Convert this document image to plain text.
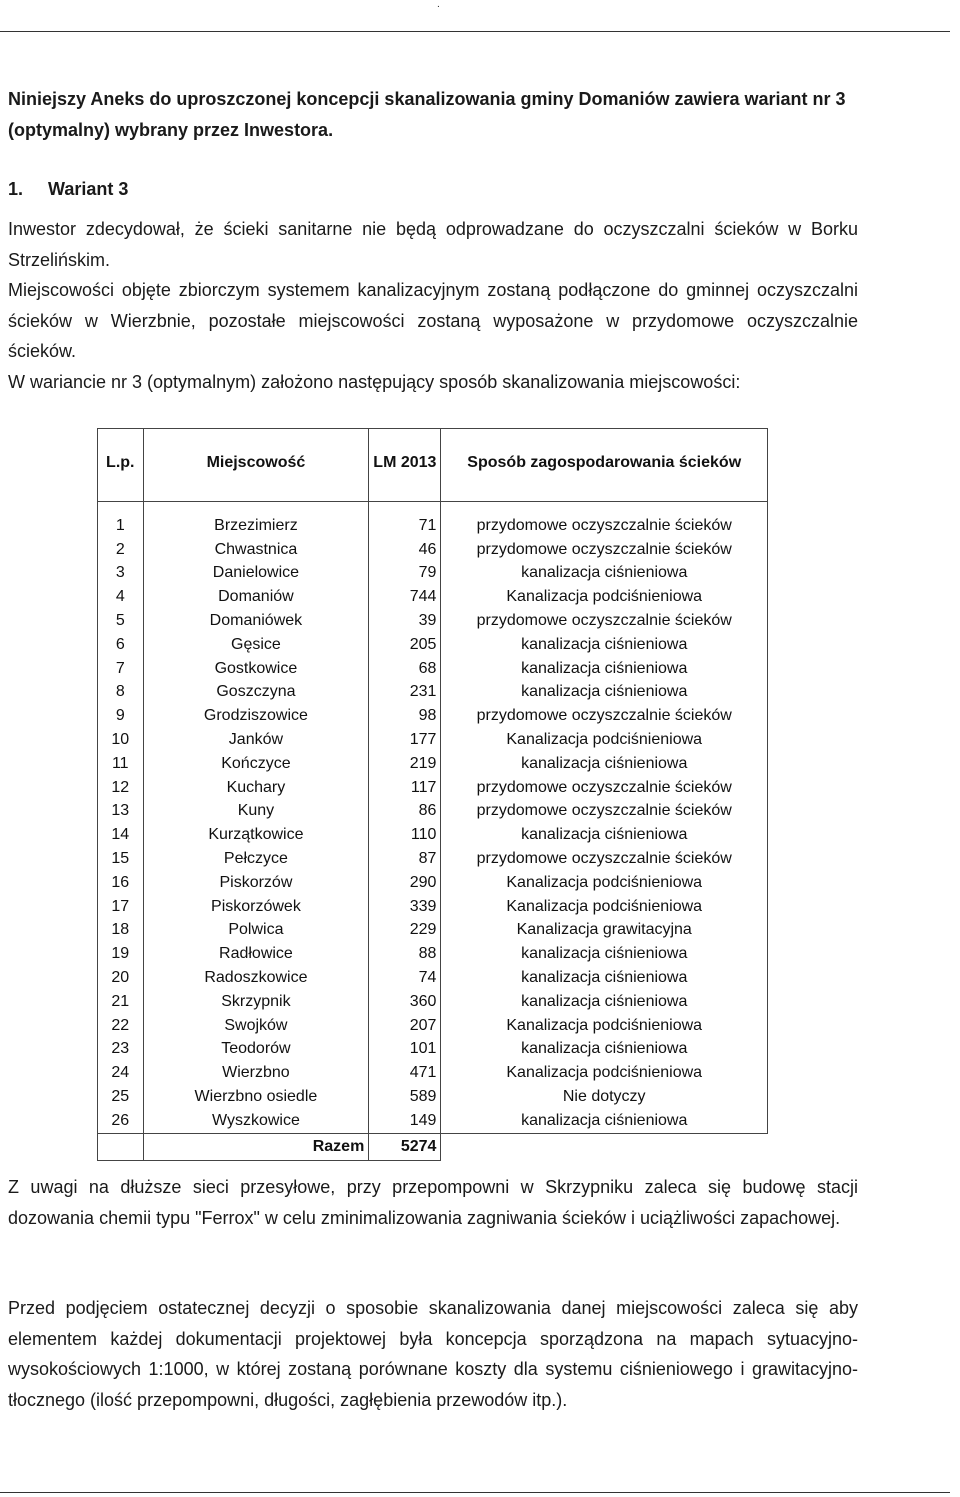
.

Niniejszy Aneks do uproszczonej koncepcji skanalizowania gminy Domaniów zawiera wariant nr 3 (optymalny) wybrany przez Inwestora.

1. Wariant 3

Inwestor zdecydował, że ścieki sanitarne nie będą odprowadzane do oczyszczalni ścieków w Borku Strzelińskim.

Miejscowości objęte zbiorczym systemem kanalizacyjnym zostaną podłączone do gminnej oczyszczalni ścieków w Wierzbnie, pozostałe miejscowości zostaną wyposażone w przydomowe oczyszczalnie ścieków.

W wariancie nr 3 (optymalnym) założono następujący sposób skanalizowania miejscowości:

L.p.	Miejscowość	LM 2013	Sposób zagospodarowania ścieków
1	Brzezimierz	71	przydomowe oczyszczalnie ścieków
2	Chwastnica	46	przydomowe oczyszczalnie ścieków
3	Danielowice	79	kanalizacja ciśnieniowa
4	Domaniów	744	Kanalizacja podciśnieniowa
5	Domaniówek	39	przydomowe oczyszczalnie ścieków
6	Gęsice	205	kanalizacja ciśnieniowa
7	Gostkowice	68	kanalizacja ciśnieniowa
8	Goszczyna	231	kanalizacja ciśnieniowa
9	Grodziszowice	98	przydomowe oczyszczalnie ścieków
10	Janków	177	Kanalizacja podciśnieniowa
11	Kończyce	219	kanalizacja ciśnieniowa
12	Kuchary	117	przydomowe oczyszczalnie ścieków
13	Kuny	86	przydomowe oczyszczalnie ścieków
14	Kurzątkowice	110	kanalizacja ciśnieniowa
15	Pełczyce	87	przydomowe oczyszczalnie ścieków
16	Piskorzów	290	Kanalizacja podciśnieniowa
17	Piskorzówek	339	Kanalizacja podciśnieniowa
18	Polwica	229	Kanalizacja grawitacyjna
19	Radłowice	88	kanalizacja ciśnieniowa
20	Radoszkowice	74	kanalizacja ciśnieniowa
21	Skrzypnik	360	kanalizacja ciśnieniowa
22	Swojków	207	Kanalizacja podciśnieniowa
23	Teodorów	101	kanalizacja ciśnieniowa
24	Wierzbno	471	Kanalizacja podciśnieniowa
25	Wierzbno osiedle	589	Nie dotyczy
26	Wyszkowice	149	kanalizacja ciśnieniowa
	Razem	5274	

Z uwagi na dłuższe sieci przesyłowe, przy przepompowni w Skrzypniku zaleca się budowę stacji dozowania chemii typu "Ferrox" w celu zminimalizowania zagniwania ścieków i uciążliwości zapachowej.

Przed podjęciem ostatecznej decyzji o sposobie skanalizowania danej miejscowości zaleca się aby elementem każdej dokumentacji projektowej była koncepcja sporządzona na mapach sytuacyjno-wysokościowych 1:1000, w której zostaną porównane koszty dla systemu ciśnieniowego i grawitacyjno-tłocznego (ilość przepompowni, długości, zagłębienia przewodów itp.).
